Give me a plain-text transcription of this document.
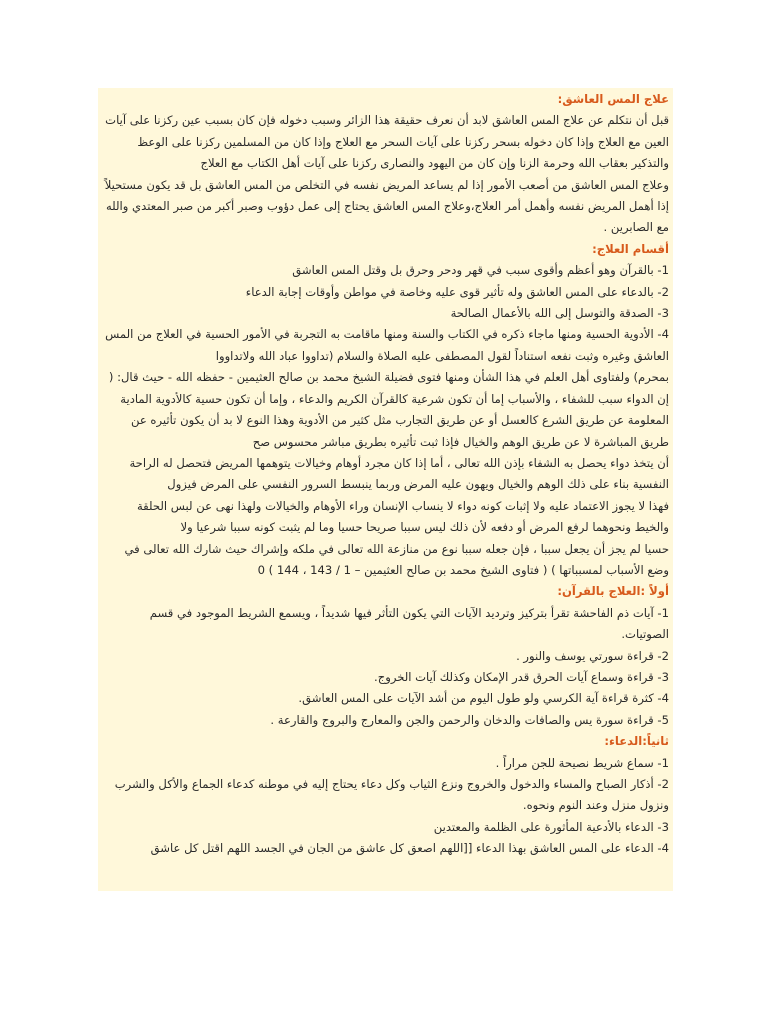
علاج المس العاشق:

قبل أن نتكلم عن علاج المس العاشق لابد أن نعرف حقيقة هذا الزائر وسبب دخوله فإن كان بسبب عين ركزنا على آيات العين مع العلاج وإذا كان دخوله بسحر ركزنا على آيات السحر مع العلاج وإذا كان من المسلمين ركزنا على الوعظ والتذكير بعقاب الله وحرمة الزنا وإن كان من اليهود والنصارى ركزنا على آيات أهل الكتاب مع العلاج

وعلاج المس العاشق من أصعب الأمور إذا لم يساعد المريض نفسه في التخلص من المس العاشق بل قد يكون مستحيلاً إذا أهمل المريض نفسه وأهمل أمر العلاج،وعلاج المس العاشق يحتاج إلى عمل دؤوب وصبر أكبر من صبر المعتدي والله مع الصابرين .

أقسام العلاج:

1- بالقرآن وهو أعظم وأقوى سبب في قهر ودحر وحرق بل وقتل المس العاشق

2- بالدعاء على المس العاشق وله تأثير قوى عليه وخاصة في مواطن وأوقات إجابة الدعاء

3- الصدقة والتوسل إلى الله بالأعمال الصالحة

4- الأدوية الحسية ومنها ماجاء ذكره في الكتاب والسنة ومنها ماقامت به التجربة في الأمور الحسية في العلاج من المس العاشق وغيره وثبت نفعه استناداً لقول المصطفى عليه الصلاة والسلام (تداووا عباد الله ولاتداووا

بمحرم) ولفتاوى أهل العلم في هذا الشأن ومنها فتوى فضيلة الشيخ محمد بن صالح العثيمين - حفظه الله - حيث قال: ( إن الدواء سبب للشفاء ، والأسباب إما أن تكون شرعية كالقرآن الكريم والدعاء ، وإما أن تكون حسية كالأدوية المادية المعلومة عن طريق الشرع كالعسل أو عن طريق التجارب مثل كثير من الأدوية وهذا النوع لا بد أن يكون تأثيره عن طريق المباشرة لا عن طريق الوهم والخيال فإذا ثبت تأثيره بطريق مباشر محسوس صح

أن يتخذ دواء يحصل به الشفاء بإذن الله تعالى ، أما إذا كان مجرد أوهام وخيالات يتوهمها المريض فتحصل له الراحة النفسية بناء على ذلك الوهم والخيال ويهون عليه المرض وربما ينبسط السرور النفسي على المرض فيزول

فهذا لا يجوز الاعتماد عليه ولا إثبات كونه دواء لا ينساب الإنسان وراء الأوهام والخيالات ولهذا نهى عن لبس الحلقة والخيط ونحوهما لرفع المرض أو دفعه لأن ذلك ليس سببا صريحا حسيا وما لم يثبت كونه سببا شرعيا ولا

حسيا لم يجز أن يجعل سببا ، فإن جعله سببا نوع من منازعة الله تعالى في ملكه وإشراك حيث شارك الله تعالى في وضع الأسباب لمسبباتها ) ( فتاوى الشيخ محمد بن صالح العثيمين – 1 / 143 ، 144 ) 0

أولاً :العلاج بالقرآن:

1- آيات ذم الفاحشة تقرأ بتركيز وترديد الآيات التي يكون التأثر فيها شديداً ، ويسمع الشريط الموجود في قسم الصوتيات.

2- قراءة سورتي يوسف والنور .

3- قراءة وسماع آيات الحرق قدر الإمكان وكذلك آيات الخروج.

4- كثرة قراءة آية الكرسي ولو طول اليوم من أشد الآيات على المس العاشق.

5- قراءة سورة يس والصافات والدخان والرحمن والجن والمعارج والبروج والقارعة .

ثانياً:الدعاء:

1- سماع شريط نصيحة للجن مراراً .

2- أذكار الصباح والمساء والدخول والخروج ونزع الثياب وكل دعاء يحتاج إليه في موطنه كدعاء الجماع والأكل والشرب ونزول منزل وعند النوم ونحوه.

3- الدعاء بالأدعية المأثورة على الظلمة والمعتدين

4- الدعاء على المس العاشق بهذا الدعاء [[اللهم اصعق كل عاشق من الجان في الجسد اللهم اقتل كل عاشق
